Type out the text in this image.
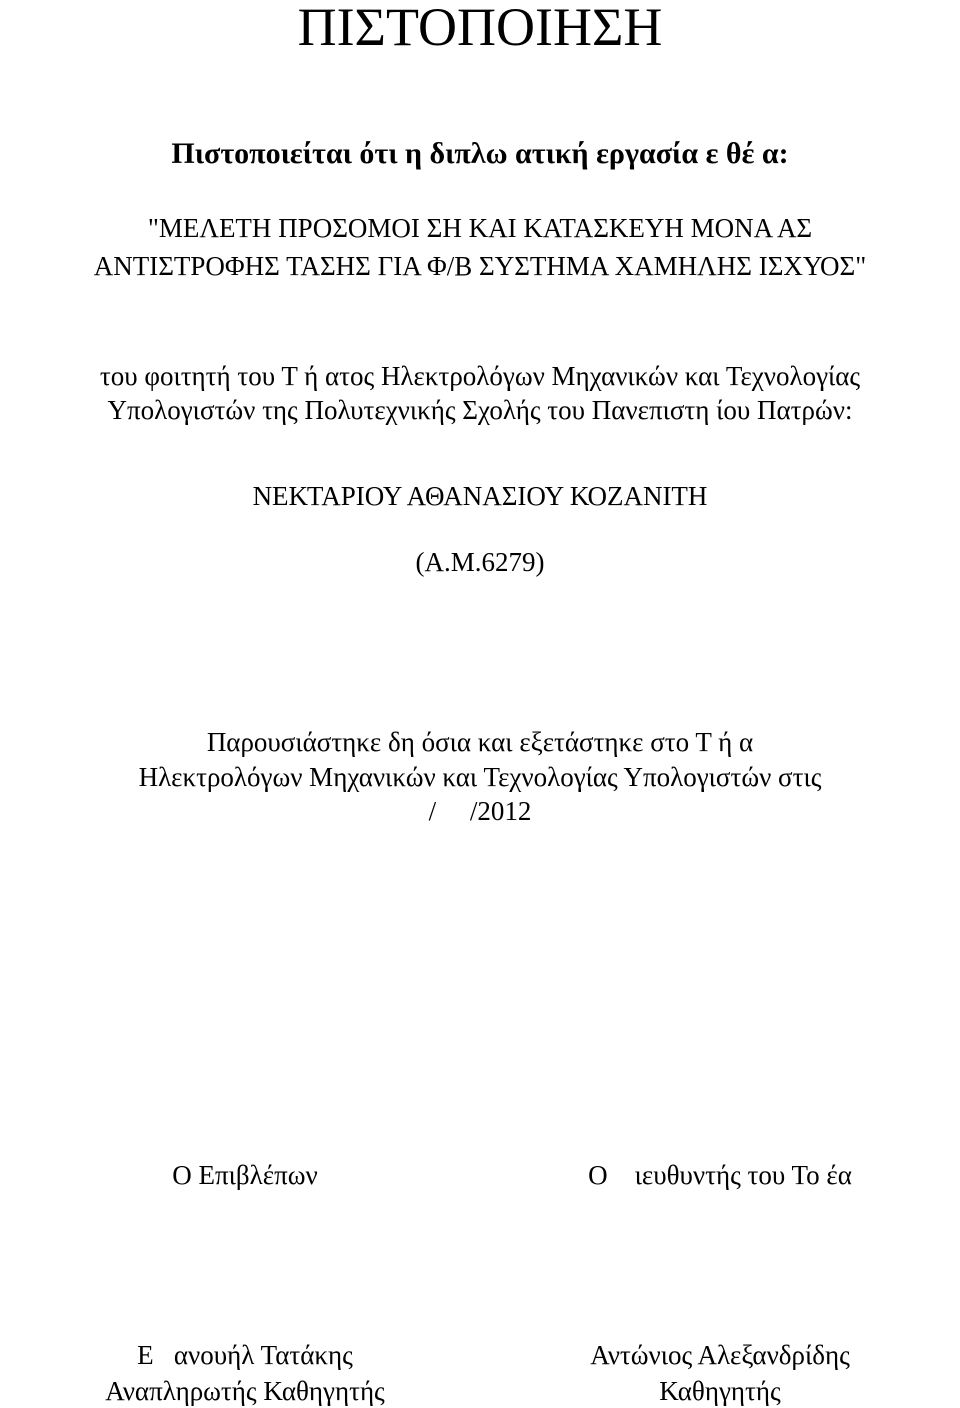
ΠΙΣΤΟΠΟΙΗΣΗ
Πιστοποιείται ότι η διπλω ατική εργασία ε θέ α:
"ΜΕΛΕΤΗ ΠΡΟΣΟΜΟΙ ΣΗ ΚΑΙ ΚΑΤΑΣΚΕΥΗ ΜΟΝΑ ΑΣ
ΑΝΤΙΣΤΡΟΦΗΣ ΤΑΣΗΣ ΓΙΑ Φ/Β ΣΥΣΤΗΜΑ ΧΑΜΗΛΗΣ ΙΣΧΥΟΣ"
του φοιτητή του Τ ή ατος Ηλεκτρολόγων Μηχανικών και Τεχνολογίας
Υπολογιστών της Πολυτεχνικής Σχολής του Πανεπιστη ίου Πατρών:
ΝΕΚΤΑΡΙΟΥ ΑΘΑΝΑΣΙΟΥ ΚΟΖΑΝΙΤΗ
(Α.Μ.6279)
Παρουσιάστηκε δη όσια και εξετάστηκε στο Τ ή α
Ηλεκτρολόγων Μηχανικών και Τεχνολογίας Υπολογιστών στις
/     /2012
Ο Επιβλέπων	Ο    ιευθυντής του Το έα
Ε   ανουήλ Τατάκης	Αντώνιος Αλεξανδρίδης
Αναπληρωτής Καθηγητής	Καθηγητής
